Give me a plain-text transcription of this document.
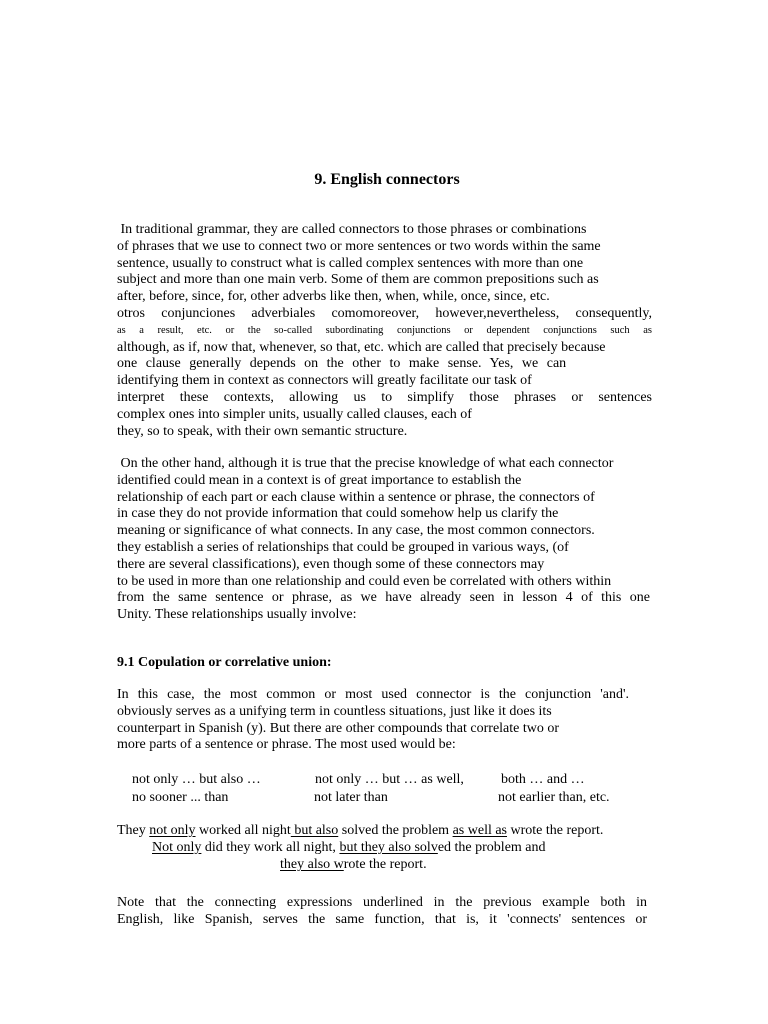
9. English connectors
In traditional grammar, they are called connectors to those phrases or combinations
of phrases that we use to connect two or more sentences or two words within the same
sentence, usually to construct what is called complex sentences with more than one
subject and more than one main verb. Some of them are common prepositions such as
after, before, since, for, other adverbs like then, when, while, once, since, etc.
otros conjunciones adverbiales comomoreover, however,nevertheless, consequently,
as a result, etc. or the so-called subordinating conjunctions or dependent conjunctions such as
although, as if, now that, whenever, so that, etc. which are called that precisely because
one clause generally depends on the other to make sense. Yes, we can
identifying them in context as connectors will greatly facilitate our task of
interpret these contexts, allowing us to simplify those phrases or sentences
complex ones into simpler units, usually called clauses, each of
they, so to speak, with their own semantic structure.
On the other hand, although it is true that the precise knowledge of what each connector
identified could mean in a context is of great importance to establish the
relationship of each part or each clause within a sentence or phrase, the connectors of
in case they do not provide information that could somehow help us clarify the
meaning or significance of what connects. In any case, the most common connectors.
they establish a series of relationships that could be grouped in various ways, (of
there are several classifications), even though some of these connectors may
to be used in more than one relationship and could even be correlated with others within
from the same sentence or phrase, as we have already seen in lesson 4 of this one
Unity. These relationships usually involve:
9.1 Copulation or correlative union:
In this case, the most common or most used connector is the conjunction 'and'.
obviously serves as a unifying term in countless situations, just like it does its
counterpart in Spanish (y). But there are other compounds that correlate two or
more parts of a sentence or phrase. The most used would be:
not only … but also …	not only … but … as well,	both … and …
no sooner ... than	not later than	not earlier than, etc.
They not only worked all night but also solved the problem as well as wrote the report.
Not only did they work all night, but they also solved the problem and
they also wrote the report.
Note that the connecting expressions underlined in the previous example both in
English, like Spanish, serves the same function, that is, it 'connects' sentences or
